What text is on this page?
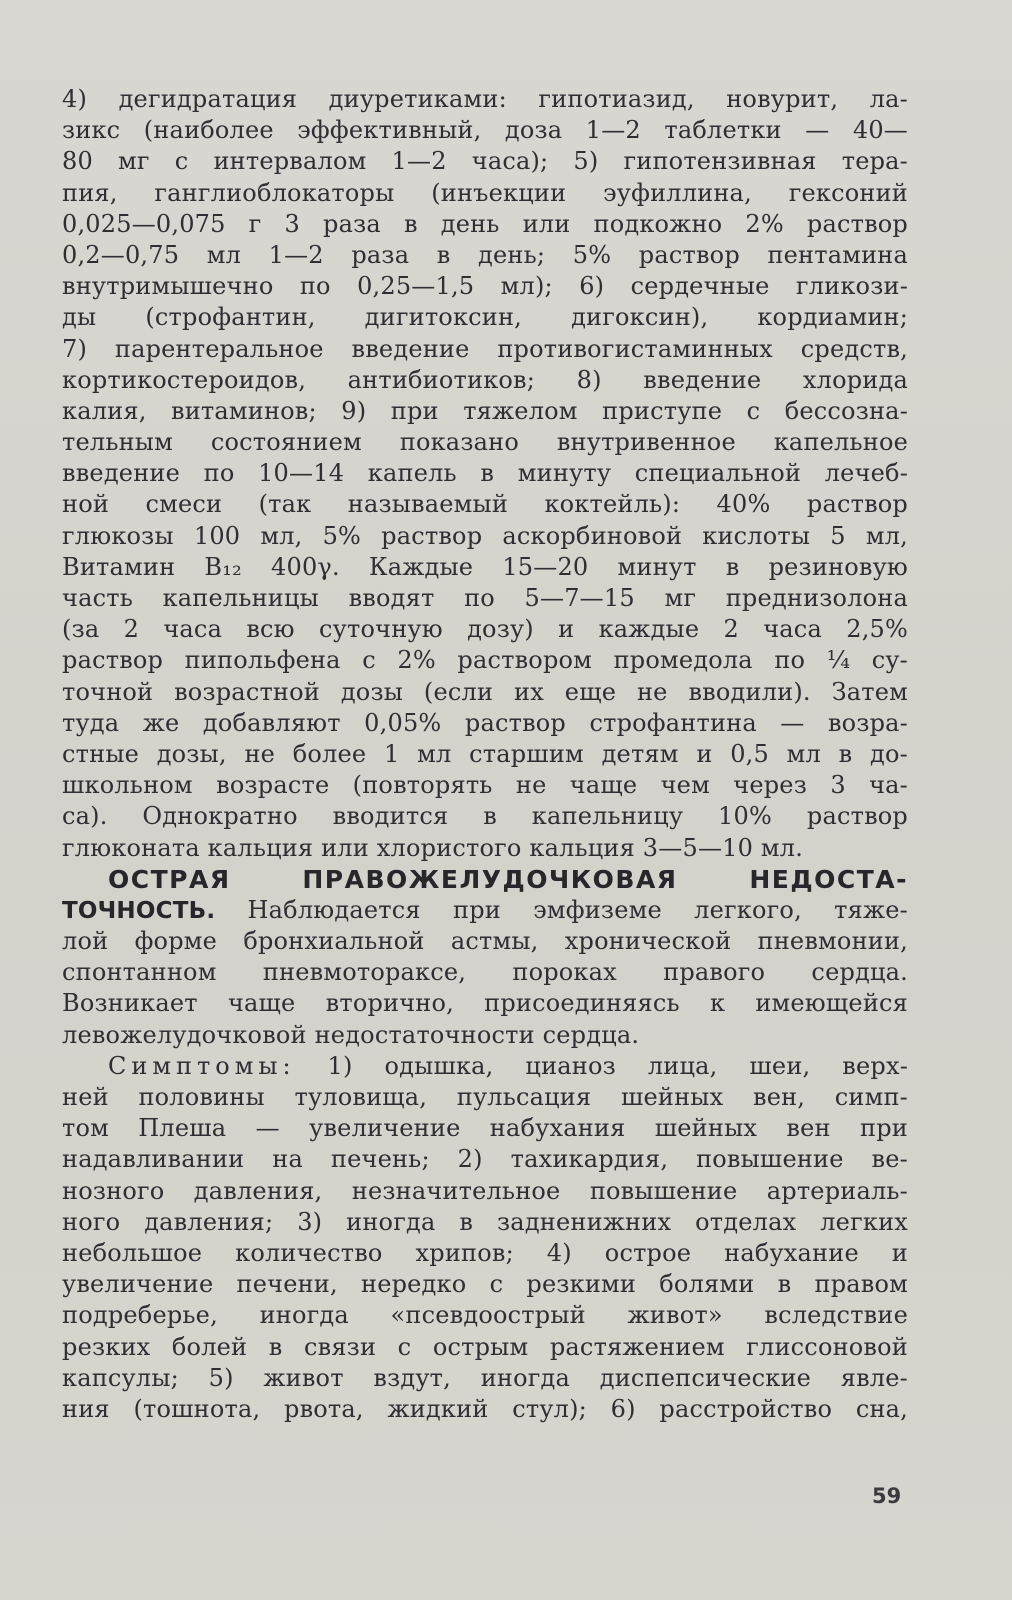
4) дегидратация диуретиками: гипотиазид, новурит, ла-
зикс (наиболее эффективный, доза 1—2 таблетки — 40—
80 мг с интервалом 1—2 часа); 5) гипотензивная тера-
пия, ганглиоблокаторы (инъекции эуфиллина, гексоний
0,025—0,075 г 3 раза в день или подкожно 2% раствор
0,2—0,75 мл 1—2 раза в день; 5% раствор пентамина
внутримышечно по 0,25—1,5 мл); 6) сердечные гликози-
ды (строфантин, дигитоксин, дигоксин), кордиамин;
7) парентеральное введение противогистаминных средств,
кортикостероидов, антибиотиков; 8) введение хлорида
калия, витаминов; 9) при тяжелом приступе с бессозна-
тельным состоянием показано внутривенное капельное
введение по 10—14 капель в минуту специальной лечеб-
ной смеси (так называемый коктейль): 40% раствор
глюкозы 100 мл, 5% раствор аскорбиновой кислоты 5 мл,
Витамин B₁₂ 400γ. Каждые 15—20 минут в резиновую
часть капельницы вводят по 5—7—15 мг преднизолона
(за 2 часа всю суточную дозу) и каждые 2 часа 2,5%
раствор пипольфена с 2% раствором промедола по ¼ су-
точной возрастной дозы (если их еще не вводили). Затем
туда же добавляют 0,05% раствор строфантина — возра-
стные дозы, не более 1 мл старшим детям и 0,5 мл в до-
школьном возрасте (повторять не чаще чем через 3 ча-
са). Однократно вводится в капельницу 10% раствор
глюконата кальция или хлористого кальция 3—5—10 мл.
ОСТРАЯ ПРАВОЖЕЛУДОЧКОВАЯ НЕДОСТА-
ТОЧНОСТЬ. Наблюдается при эмфиземе легкого, тяже-
лой форме бронхиальной астмы, хронической пневмонии,
спонтанном пневмотораксе, пороках правого сердца.
Возникает чаще вторично, присоединяясь к имеющейся
левожелудочковой недостаточности сердца.
Симптомы: 1) одышка, цианоз лица, шеи, верх-
ней половины туловища, пульсация шейных вен, симп-
том Плеша — увеличение набухания шейных вен при
надавливании на печень; 2) тахикардия, повышение ве-
нозного давления, незначительное повышение артериаль-
ного давления; 3) иногда в задненижних отделах легких
небольшое количество хрипов; 4) острое набухание и
увеличение печени, нередко с резкими болями в правом
подреберье, иногда «псевдоострый живот» вследствие
резких болей в связи с острым растяжением глиссоновой
капсулы; 5) живот вздут, иногда диспепсические явле-
ния (тошнота, рвота, жидкий стул); 6) расстройство сна,
59
